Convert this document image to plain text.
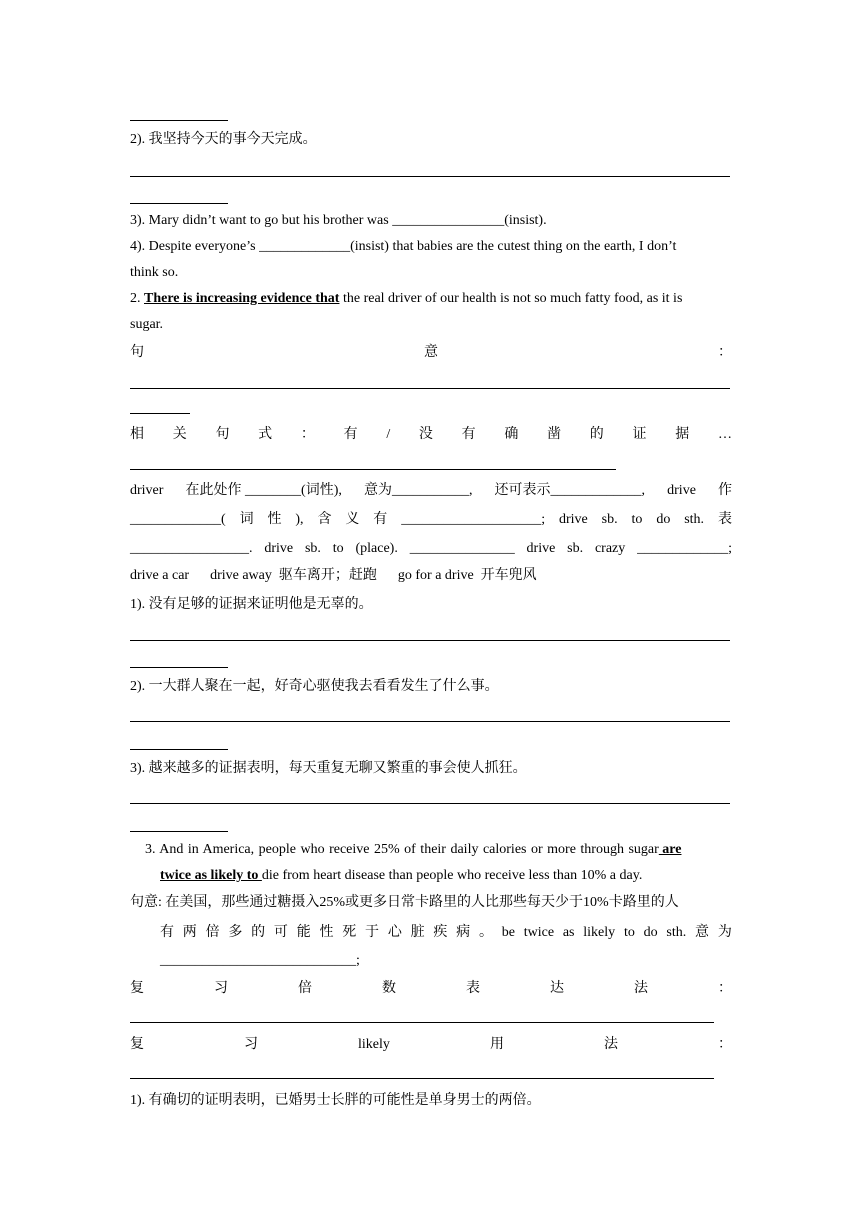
2). 我坚持今天的事今天完成。
3). Mary didn’t want to go but his brother was ________________(insist).
4). Despite everyone’s _____________(insist) that babies are the cutest thing on the earth, I don’t
think so.
2. There is increasing evidence that the real driver of our health is not so much fatty food, as it is
sugar.
句	意	：
相 关 句 式 ： 有 / 没 有 确 凿 的 证 据 …
driver 在此处作 ________(词性), 意为___________, 还可表示_____________, drive 作
_____________( 词 性 ), 含 义 有 ____________________; drive sb. to do sth. 表
_________________. drive sb. to (place). _______________ drive sb. crazy _____________;
drive a car      drive away  驱车离开；赶跑      go for a drive  开车兜风
1). 没有足够的证据来证明他是无辜的。
2). 一大群人聚在一起，好奇心驱使我去看看发生了什么事。
3). 越来越多的证据表明，每天重复无聊又繁重的事会使人抓狂。
3. And in America, people who receive 25% of their daily calories or more through sugar are
twice as likely to die from heart disease than people who receive less than 10% a day.
句意: 在美国，那些通过糖摄入25%或更多日常卡路里的人比那些每天少于10%卡路里的人
有 两 倍 多 的 可 能 性 死 于 心 脏 疾 病 。 be twice as likely to do sth. 意 为
____________________________;
复	习	倍	数	表	达	法	：
复	习	likely	用	法	：
1). 有确切的证明表明，已婚男士长胖的可能性是单身男士的两倍。
